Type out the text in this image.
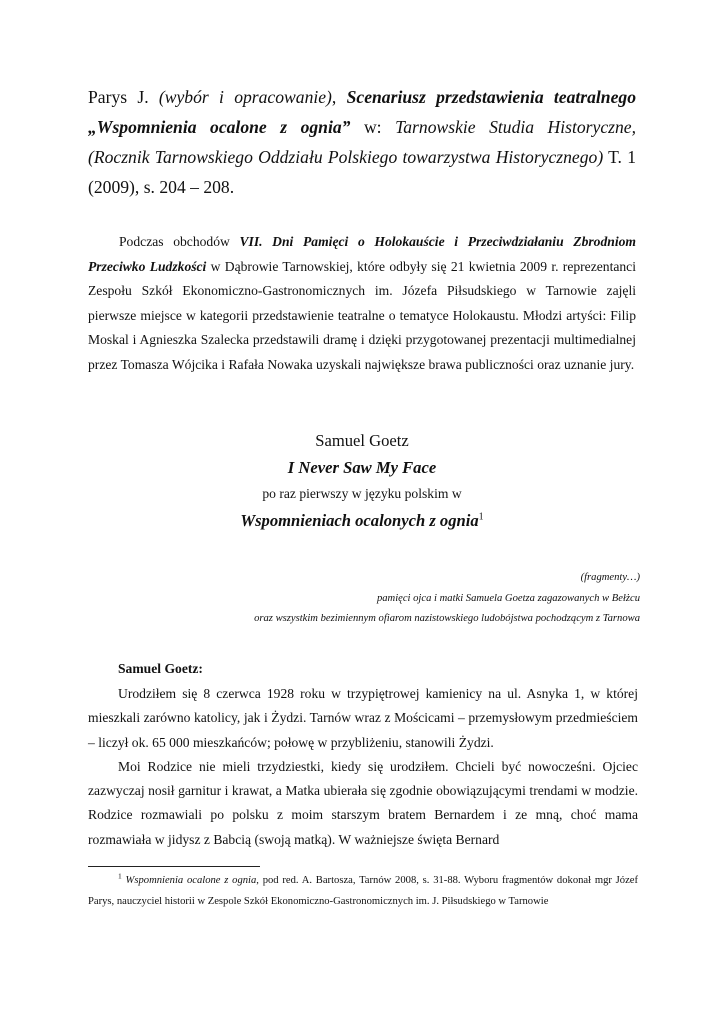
Parys J. (wybór i opracowanie), Scenariusz przedstawienia teatralnego „Wspomnienia ocalone z ognia” w: Tarnowskie Studia Historyczne, (Rocznik Tarnowskiego Oddziału Polskiego towarzystwa Historycznego) T. 1 (2009), s. 204 – 208.
Podczas obchodów VII. Dni Pamięci o Holokauście i Przeciwdziałaniu Zbrodniom Przeciwko Ludzkości w Dąbrowie Tarnowskiej, które odbyły się 21 kwietnia 2009 r. reprezentanci Zespołu Szkół Ekonomiczno-Gastronomicznych im. Józefa Piłsudskiego w Tarnowie zajęli pierwsze miejsce w kategorii przedstawienie teatralne o tematyce Holokaustu. Młodzi artyści: Filip Moskal i Agnieszka Szalecka przedstawili dramę i dzięki przygotowanej prezentacji multimedialnej przez Tomasza Wójcika i Rafała Nowaka uzyskali największe brawa publiczności oraz uznanie jury.
Samuel Goetz
I Never Saw My Face
po raz pierwszy w języku polskim w
Wspomnieniach ocalonych z ognia$^1$
(fragmenty…)
pamięci ojca i matki Samuela Goetza zagazowanych w Bełżcu
oraz wszystkim bezimiennym ofiarom nazistowskiego ludobójstwa pochodzącym z Tarnowa
Samuel Goetz:

Urodziłem się 8 czerwca 1928 roku w trzypiętrowej kamienicy na ul. Asnyka 1, w której mieszkali zarówno katolicy, jak i Żydzi. Tarnów wraz z Mościcami – przemysłowym przedmieściem – liczył ok. 65 000 mieszkańców; połowę w przybliżeniu, stanowili Żydzi.

Moi Rodzice nie mieli trzydziestki, kiedy się urodziłem. Chcieli być nowocześni. Ojciec zazwyczaj nosił garnitur i krawat, a Matka ubierała się zgodnie obowiązującymi trendami w modzie. Rodzice rozmawiali po polsku z moim starszym bratem Bernardem i ze mną, choć mama rozmawiała w jidysz z Babcią (swoją matką). W ważniejsze święta Bernard

$^1$ Wspomnienia ocalone z ognia, pod red. A. Bartosza, Tarnów 2008, s. 31-88. Wyboru fragmentów dokonał mgr Józef Parys, nauczyciel historii w Zespole Szkół Ekonomiczno-Gastronomicznych im. J. Piłsudskiego w Tarnowie
